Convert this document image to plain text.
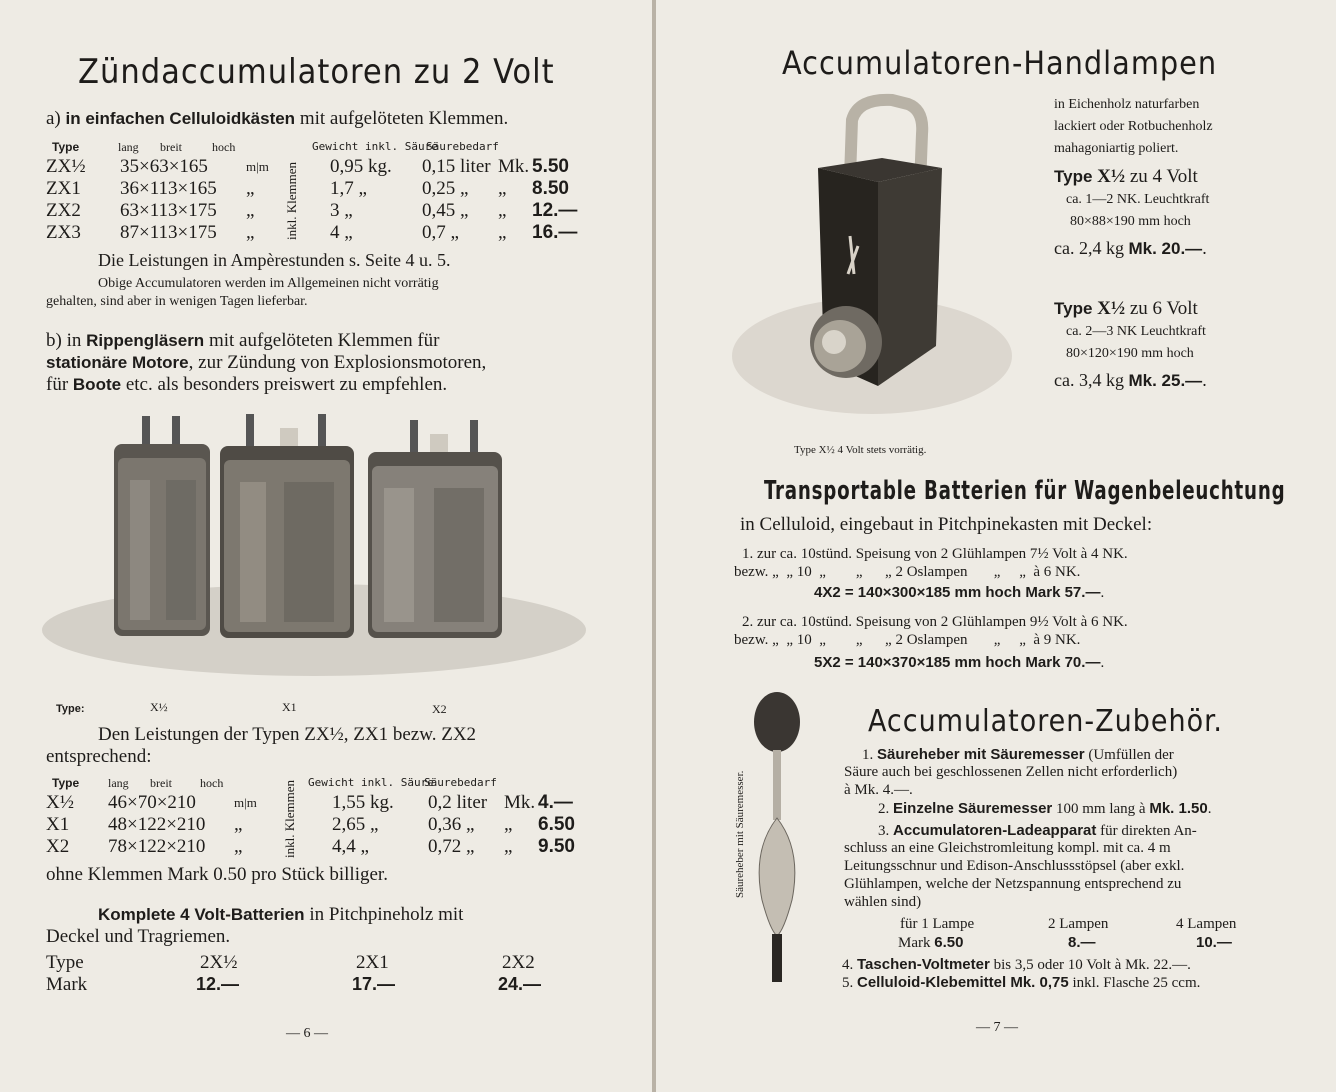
Zündaccumulatoren zu 2 Volt
a) in einfachen Celluloidkästen mit aufgelöteten Klemmen.
Type	lang breit	hoch	Gewicht inkl. Säure
Säurebedarf
ZX½	35×63×165	m|m		0,95 kg.	0,15 liter	Mk.	5.50
ZX1	36×113×165	„		1,7 „	0,25 „	„	8.50
ZX2	63×113×175	„		3 „	0,45 „	„	12.—
ZX3	87×113×175	„		4 „	0,7 „	„	16.—
inkl. Klemmen
Die Leistungen in Ampèrestunden s. Seite 4 u. 5.
Obige Accumulatoren werden im Allgemeinen nicht vorrätig
gehalten, sind aber in wenigen Tagen lieferbar.
b) in Rippengläsern mit aufgelöteten Klemmen für
stationäre Motore, zur Zündung von Explosionsmotoren,
für Boote etc. als besonders preiswert zu empfehlen.
Type:	X½	X1	X2
Den Leistungen der Typen ZX½, ZX1 bezw. ZX2
entsprechend:
Type lang breit hoch	Gewicht inkl. Säure
Säurebedarf
X½	46×70×210	m|m		1,55 kg.	0,2 liter	Mk.	4.—
X1	48×122×210	„		2,65 „	0,36 „	„	6.50
X2	78×122×210	„		4,4 „	0,72 „	„	9.50
inkl. Klemmen
ohne Klemmen Mark 0.50 pro Stück billiger.
Komplete 4 Volt-Batterien in Pitchpineholz mit
Deckel und Tragriemen.
Type	2X½	2X1	2X2
Mark	12.—	17.—	24.—
— 6 —
Accumulatoren-Handlampen
in Eichenholz naturfarben
lackiert oder Rotbuchenholz
mahagoniartig poliert.
Type X½ zu 4 Volt
ca. 1—2 NK. Leuchtkraft
80×88×190 mm hoch
ca. 2,4 kg Mk. 20.—.
Type X½ zu 6 Volt
ca. 2—3 NK Leuchtkraft
80×120×190 mm hoch
ca. 3,4 kg Mk. 25.—.
Type X½ 4 Volt stets vorrätig.
Transportable Batterien für Wagenbeleuchtung
in Celluloid, eingebaut in Pitchpinekasten mit Deckel:
1. zur ca. 10stünd. Speisung von 2 Glühlampen 7½ Volt à 4 NK.
bezw. „  „ 10  „        „      „ 2 Oslampen       „     „  à 6 NK.
4X2 = 140×300×185 mm hoch Mark 57.—.
2. zur ca. 10stünd. Speisung von 2 Glühlampen 9½ Volt à 6 NK.
bezw. „  „ 10  „        „      „ 2 Oslampen       „     „  à 9 NK.
5X2 = 140×370×185 mm hoch Mark 70.—.
Accumulatoren-Zubehör.
Säureheber mit Säuremesser.
1. Säureheber mit Säuremesser (Umfüllen der
Säure auch bei geschlossenen Zellen nicht erforderlich)
à Mk. 4.—.
2. Einzelne Säuremesser 100 mm lang à Mk. 1.50.
3. Accumulatoren-Ladeapparat für direkten An-
schluss an eine Gleichstromleitung kompl. mit ca. 4 m
Leitungsschnur und Edison-Anschlussstöpsel (aber exkl.
Glühlampen, welche der Netzspannung entsprechend zu
wählen sind)
für 1 Lampe	2 Lampen	4 Lampen
Mark 6.50	8.—	10.—
4. Taschen-Voltmeter bis 3,5 oder 10 Volt à Mk. 22.—.
5. Celluloid-Klebemittel Mk. 0,75 inkl. Flasche 25 ccm.
— 7 —
